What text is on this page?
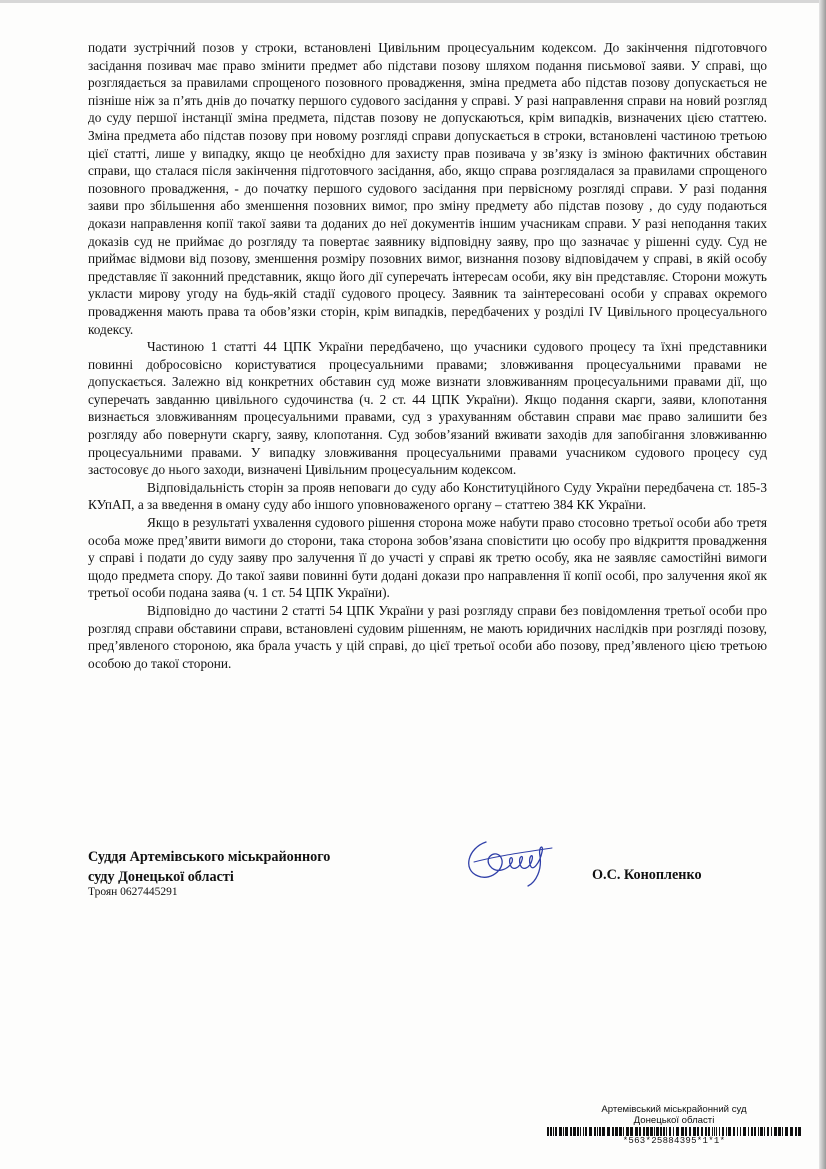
подати зустрічний позов у строки, встановлені Цивільним процесуальним кодексом. До закінчення підготовчого засідання позивач має право змінити предмет або підстави позову шляхом подання письмової заяви. У справі, що розглядається за правилами спрощеного позовного провадження, зміна предмета або підстав позову допускається не пізніше ніж за п’ять днів до початку першого судового засідання у справі. У разі направлення справи на новий розгляд до суду першої інстанції зміна предмета, підстав позову не допускаються, крім випадків, визначених цією статтею. Зміна предмета або підстав позову при новому розгляді справи допускається в строки, встановлені частиною третьою цієї статті, лише у випадку, якщо це необхідно для захисту прав позивача у зв’язку із зміною фактичних обставин справи, що сталася після закінчення підготовчого засідання, або, якщо справа розглядалася за правилами спрощеного позовного провадження, - до початку першого судового засідання при первісному розгляді справи. У разі подання заяви про збільшення або зменшення позовних вимог, про зміну предмету або підстав позову , до суду подаються докази направлення копії такої заяви та доданих до неї документів іншим учасникам справи. У разі неподання таких доказів суд не приймає до розгляду та повертає заявнику відповідну заяву, про що зазначає у рішенні суду. Суд не приймає відмови від позову, зменшення розміру позовних вимог, визнання позову відповідачем у справі, в якій особу представляє її законний представник, якщо його дії суперечать інтересам особи, яку він представляє. Сторони можуть укласти мирову угоду на будь-якій стадії судового процесу. Заявник та заінтересовані особи у справах окремого провадження мають права та обов’язки сторін, крім випадків, передбачених у розділі IV Цивільного процесуального кодексу.

Частиною 1 статті 44 ЦПК України передбачено, що учасники судового процесу та їхні представники повинні добросовісно користуватися процесуальними правами; зловживання процесуальними правами не допускається. Залежно від конкретних обставин суд може визнати зловживанням процесуальними правами дії, що суперечать завданню цивільного судочинства (ч. 2 ст. 44 ЦПК України). Якщо подання скарги, заяви, клопотання визнається зловживанням процесуальними правами, суд з урахуванням обставин справи має право залишити без розгляду або повернути скаргу, заяву, клопотання. Суд зобов’язаний вживати заходів для запобігання зловживанню процесуальними правами. У випадку зловживання процесуальними правами учасником судового процесу суд застосовує до нього заходи, визначені Цивільним процесуальним кодексом.

Відповідальність сторін за прояв неповаги до суду або Конституційного Суду України передбачена ст. 185-3 КУпАП, а за введення в оману суду або іншого уповноваженого органу – статтею 384 КК України.

Якщо в результаті ухвалення судового рішення сторона може набути право стосовно третьої особи або третя особа може пред’явити вимоги до сторони, така сторона зобов’язана сповістити цю особу про відкриття провадження у справі і подати до суду заяву про залучення її до участі у справі як третю особу, яка не заявляє самостійні вимоги щодо предмета спору. До такої заяви повинні бути додані докази про направлення її копії особі, про залучення якої як третьої особи подана заява (ч. 1 ст. 54 ЦПК України).

Відповідно до частини 2 статті 54 ЦПК України у разі розгляду справи без повідомлення третьої особи про розгляд справи обставини справи, встановлені судовим рішенням, не мають юридичних наслідків при розгляді позову, пред’явленого стороною, яка брала участь у цій справі, до цієї третьої особи або позову, пред’явленого цією третьою особою до такої сторони.

Суддя Артемівського міськрайонного
суду Донецької області
Троян 0627445291
О.С. Конопленко
Артемівський міськрайонний суд
Донецької області
*563*25884395*1*1*
